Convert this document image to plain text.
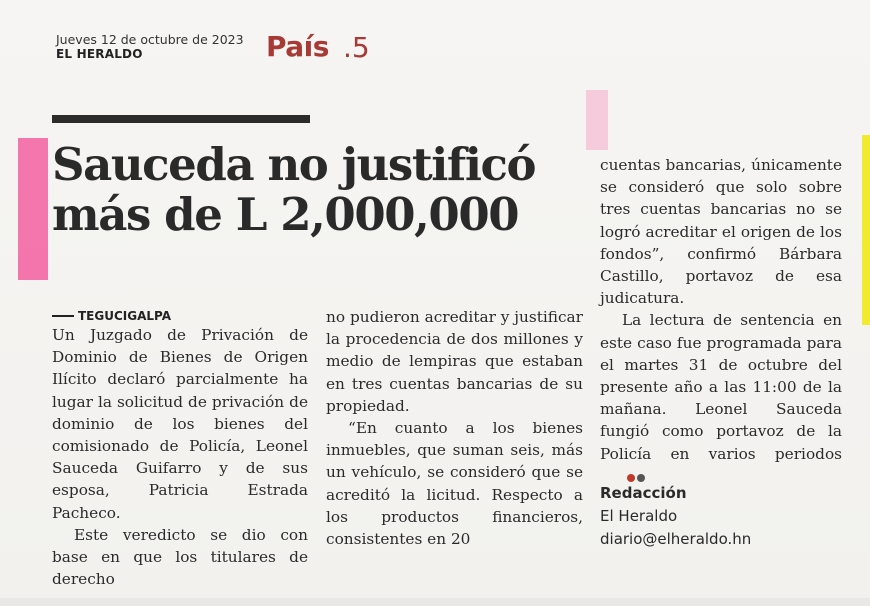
Jueves 12 de octubre de 2023
EL HERALDO	País .5
Sauceda no justificó
más de L 2,000,000
TEGUCIGALPA

Un Juzgado de Privación de Dominio de Bienes de Origen Ilícito declaró parcialmente ha lugar la solicitud de privación de dominio de los bienes del comisionado de Policía, Leonel Sauceda Guifarro y de sus esposa, Patricia Estrada Pacheco.

Este veredicto se dio con base en que los titulares de derecho

no pudieron acreditar y justificar la procedencia de dos millones y medio de lempiras que estaban en tres cuentas bancarias de su propiedad.

“En cuanto a los bienes inmuebles, que suman seis, más un vehículo, se consideró que se acreditó la licitud. Respecto a los productos financieros, consistentes en 20

cuentas bancarias, únicamente se consideró que solo sobre tres cuentas bancarias no se logró acreditar el origen de los fondos”, confirmó Bárbara Castillo, portavoz de esa judicatura.

La lectura de sentencia en este caso fue programada para el martes 31 de octubre del presente año a las 11:00 de la mañana. Leonel Sauceda fungió como portavoz de la Policía en varios periodos

Redacción
El Heraldo
diario@elheraldo.hn
